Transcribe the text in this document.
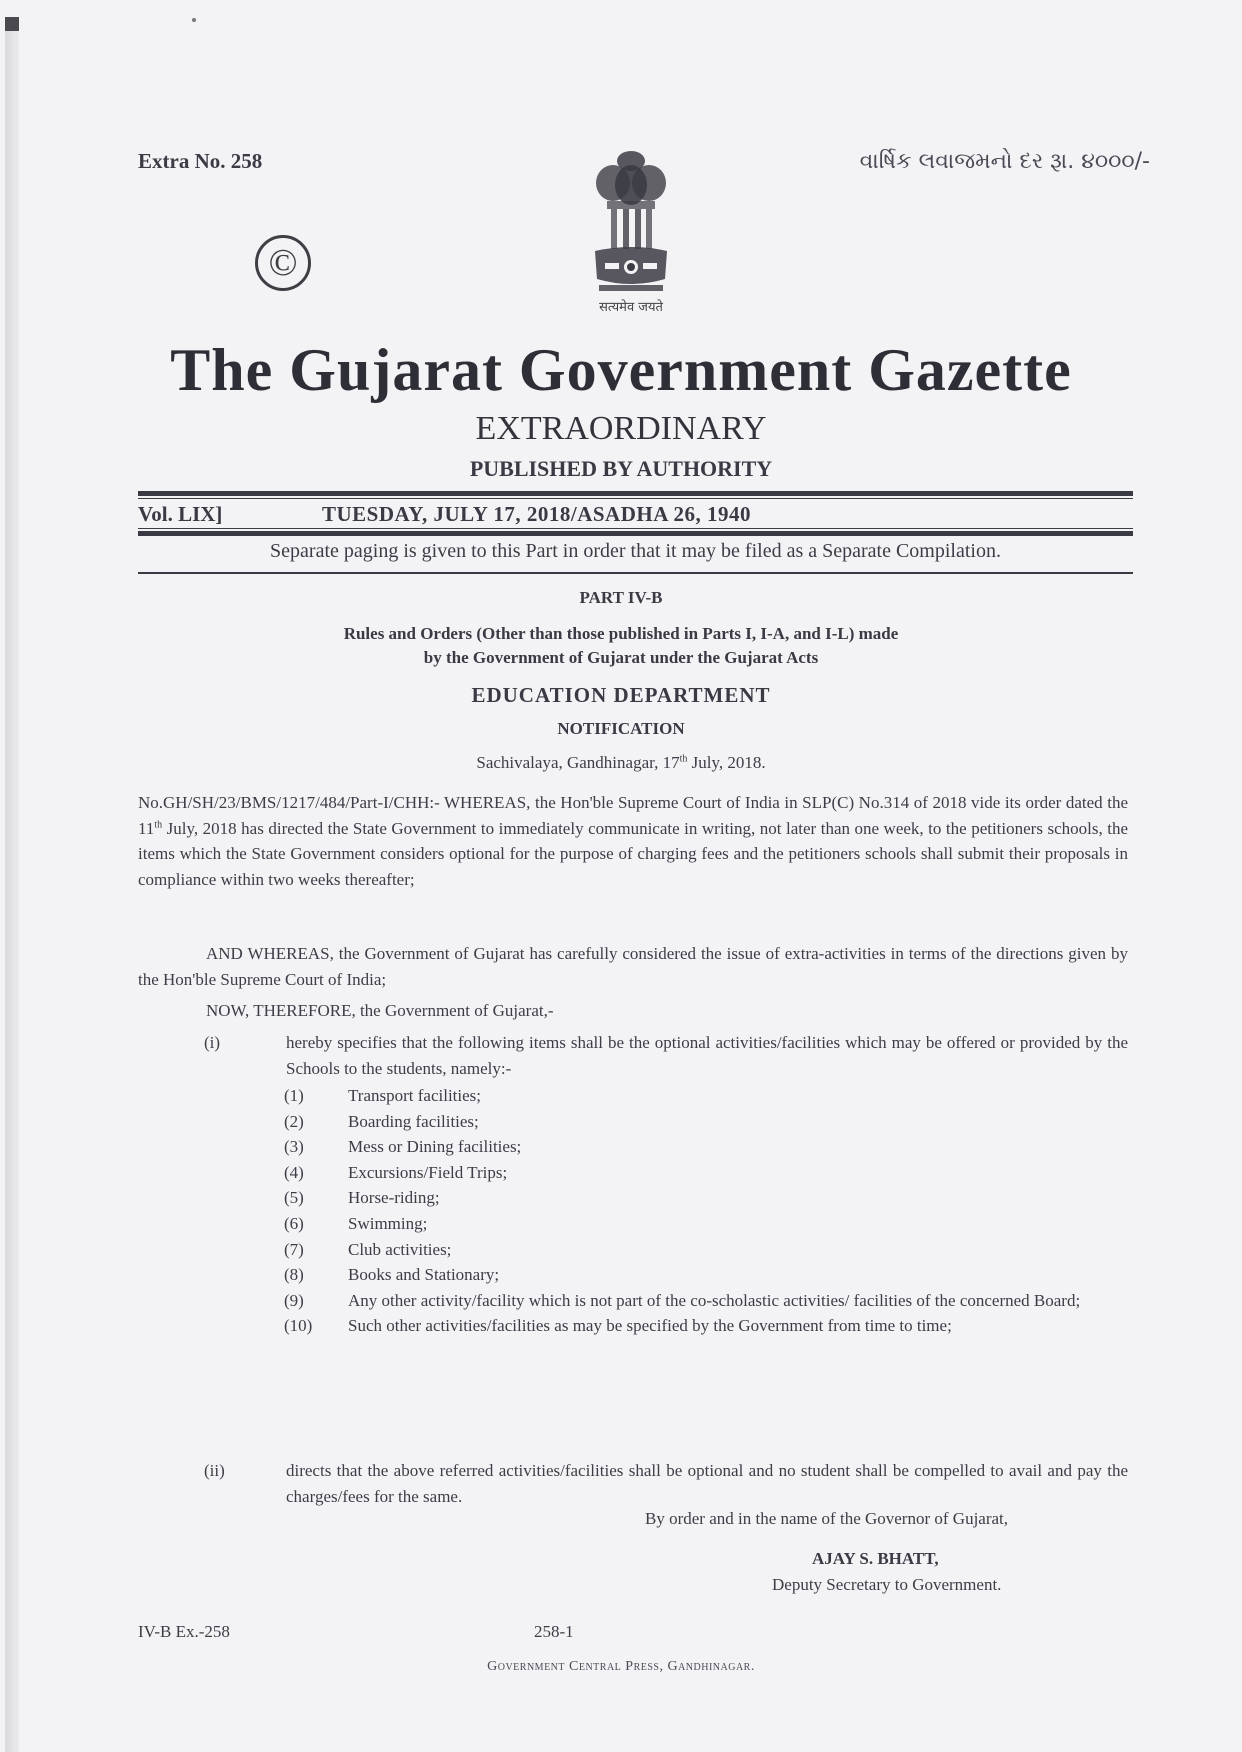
Extra No. 258	વાર્ષિક લવાજમનો દર રૂા. ૪૦૦૦/-
©
सत्यमेव जयते
The Gujarat Government Gazette
EXTRAORDINARY
PUBLISHED BY AUTHORITY
Vol. LIX]	TUESDAY, JULY 17, 2018/ASADHA 26, 1940
Separate paging is given to this Part in order that it may be filed as a Separate Compilation.
PART IV-B
Rules and Orders (Other than those published in Parts I, I-A, and I-L) made
by the Government of Gujarat under the Gujarat Acts
EDUCATION DEPARTMENT
NOTIFICATION
Sachivalaya, Gandhinagar, 17th July, 2018.
No.GH/SH/23/BMS/1217/484/Part-I/CHH:- WHEREAS, the Hon'ble Supreme Court of India in SLP(C) No.314 of 2018 vide its order dated the 11th July, 2018 has directed the State Government to immediately communicate in writing, not later than one week, to the petitioners schools, the items which the State Government considers optional for the purpose of charging fees and the petitioners schools shall submit their proposals in compliance within two weeks thereafter;
AND WHEREAS, the Government of Gujarat has carefully considered the issue of extra-activities in terms of the directions given by the Hon'ble Supreme Court of India;
NOW, THEREFORE, the Government of Gujarat,-
(i)	hereby specifies that the following items shall be the optional activities/facilities which may be offered or provided by the Schools to the students, namely:-
(1)	Transport facilities;
(2)	Boarding facilities;
(3)	Mess or Dining facilities;
(4)	Excursions/Field Trips;
(5)	Horse-riding;
(6)	Swimming;
(7)	Club activities;
(8)	Books and Stationary;
(9)	Any other activity/facility which is not part of the co-scholastic activities/ facilities of the concerned Board;
(10) Such other activities/facilities as may be specified by the Government from time to time;
(ii)	directs that the above referred activities/facilities shall be optional and no student shall be compelled to avail and pay the charges/fees for the same.
By order and in the name of the Governor of Gujarat,
AJAY S. BHATT,
Deputy Secretary to Government.
IV-B Ex.-258	258-1
Government Central Press, Gandhinagar.
